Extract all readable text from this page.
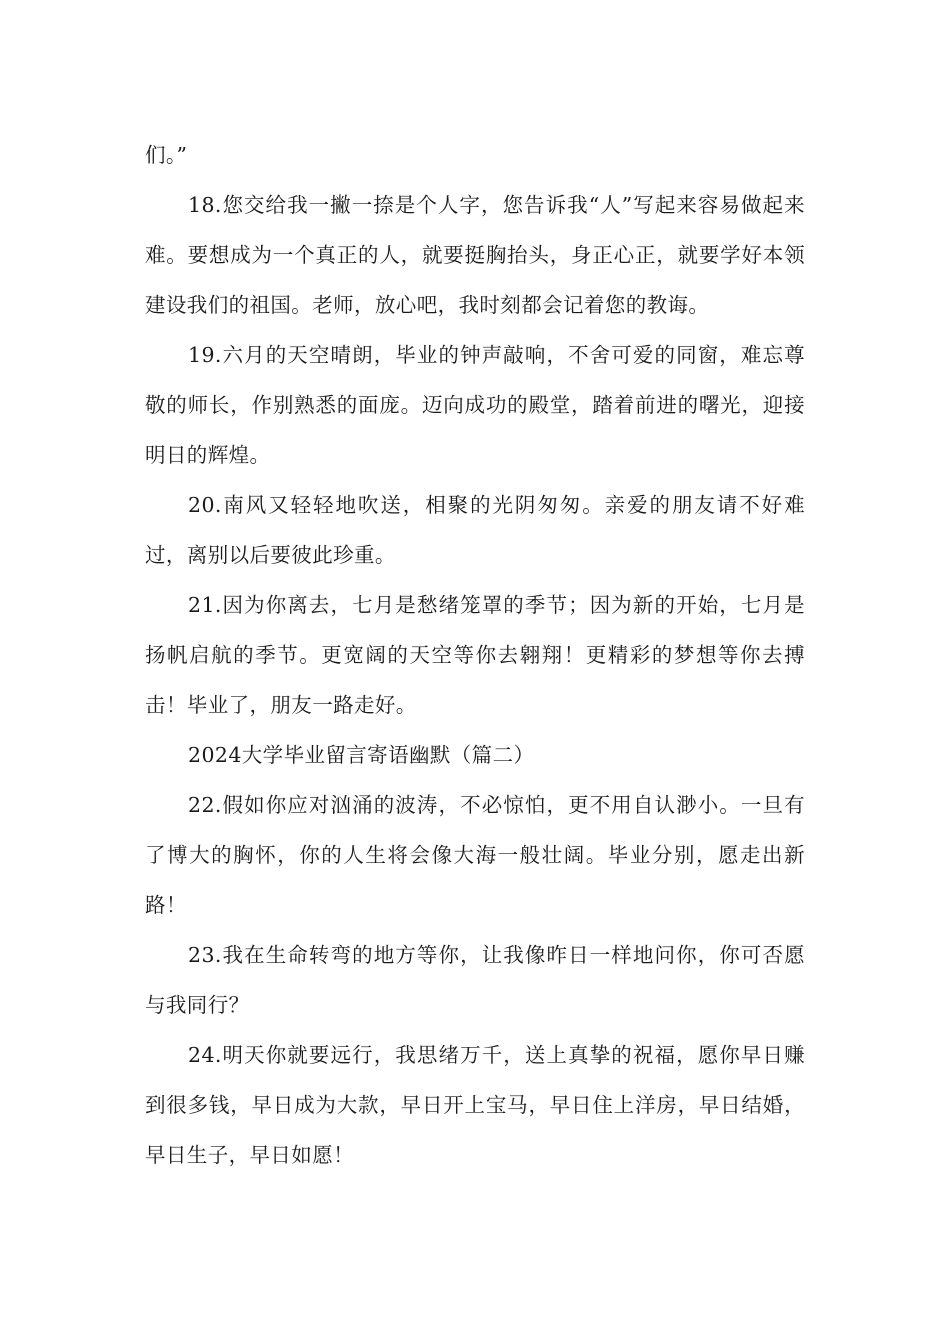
们。”

18.您交给我一撇一捺是个人字，您告诉我“人”写起来容易做起来难。要想成为一个真正的人，就要挺胸抬头，身正心正，就要学好本领建设我们的祖国。老师，放心吧，我时刻都会记着您的教诲。

19.六月的天空晴朗，毕业的钟声敲响，不舍可爱的同窗，难忘尊敬的师长，作别熟悉的面庞。迈向成功的殿堂，踏着前进的曙光，迎接明日的辉煌。

20.南风又轻轻地吹送，相聚的光阴匆匆。亲爱的朋友请不好难过，离别以后要彼此珍重。

21.因为你离去，七月是愁绪笼罩的季节；因为新的开始，七月是扬帆启航的季节。更宽阔的天空等你去翱翔！更精彩的梦想等你去搏击！毕业了，朋友一路走好。

2024大学毕业留言寄语幽默（篇二）

22.假如你应对汹涌的波涛，不必惊怕，更不用自认渺小。一旦有了博大的胸怀，你的人生将会像大海一般壮阔。毕业分别，愿走出新路！

23.我在生命转弯的地方等你，让我像昨日一样地问你，你可否愿与我同行？

24.明天你就要远行，我思绪万千，送上真挚的祝福，愿你早日赚到很多钱，早日成为大款，早日开上宝马，早日住上洋房，早日结婚，早日生子，早日如愿！
